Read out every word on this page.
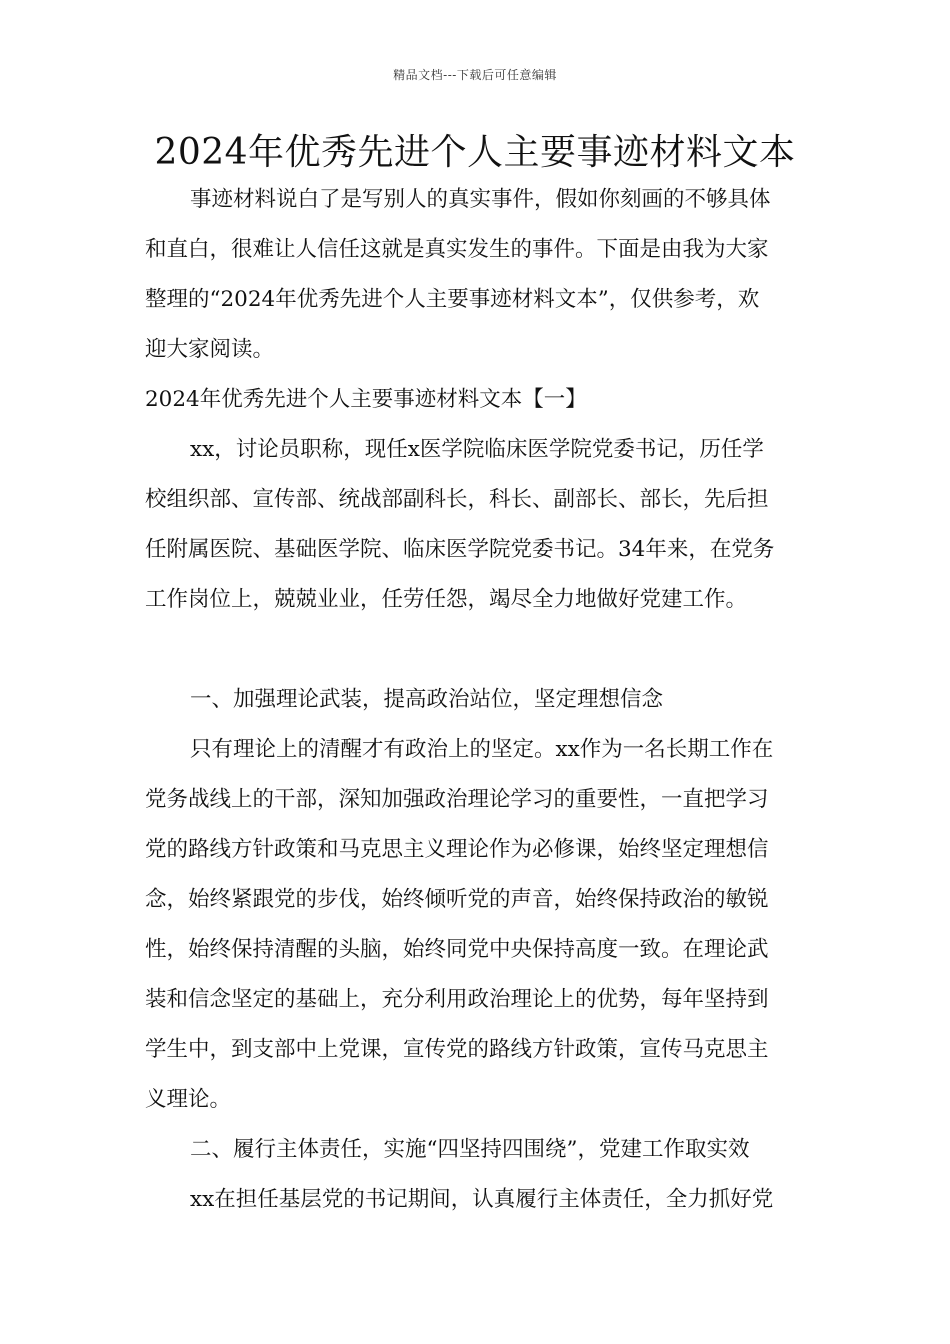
精品文档---下载后可任意编辑
2024年优秀先进个人主要事迹材料文本
事迹材料说白了是写别人的真实事件，假如你刻画的不够具体
和直白，很难让人信任这就是真实发生的事件。下面是由我为大家
整理的“2024年优秀先进个人主要事迹材料文本”，仅供参考，欢
迎大家阅读。
2024年优秀先进个人主要事迹材料文本【一】
xx，讨论员职称，现任x医学院临床医学院党委书记，历任学
校组织部、宣传部、统战部副科长，科长、副部长、部长，先后担
任附属医院、基础医学院、临床医学院党委书记。34年来，在党务
工作岗位上，兢兢业业，任劳任怨，竭尽全力地做好党建工作。
一、加强理论武装，提高政治站位，坚定理想信念
只有理论上的清醒才有政治上的坚定。xx作为一名长期工作在
党务战线上的干部，深知加强政治理论学习的重要性，一直把学习
党的路线方针政策和马克思主义理论作为必修课，始终坚定理想信
念，始终紧跟党的步伐，始终倾听党的声音，始终保持政治的敏锐
性，始终保持清醒的头脑，始终同党中央保持高度一致。在理论武
装和信念坚定的基础上，充分利用政治理论上的优势，每年坚持到
学生中，到支部中上党课，宣传党的路线方针政策，宣传马克思主
义理论。
二、履行主体责任，实施“四坚持四围绕”，党建工作取实效
xx在担任基层党的书记期间，认真履行主体责任，全力抓好党
